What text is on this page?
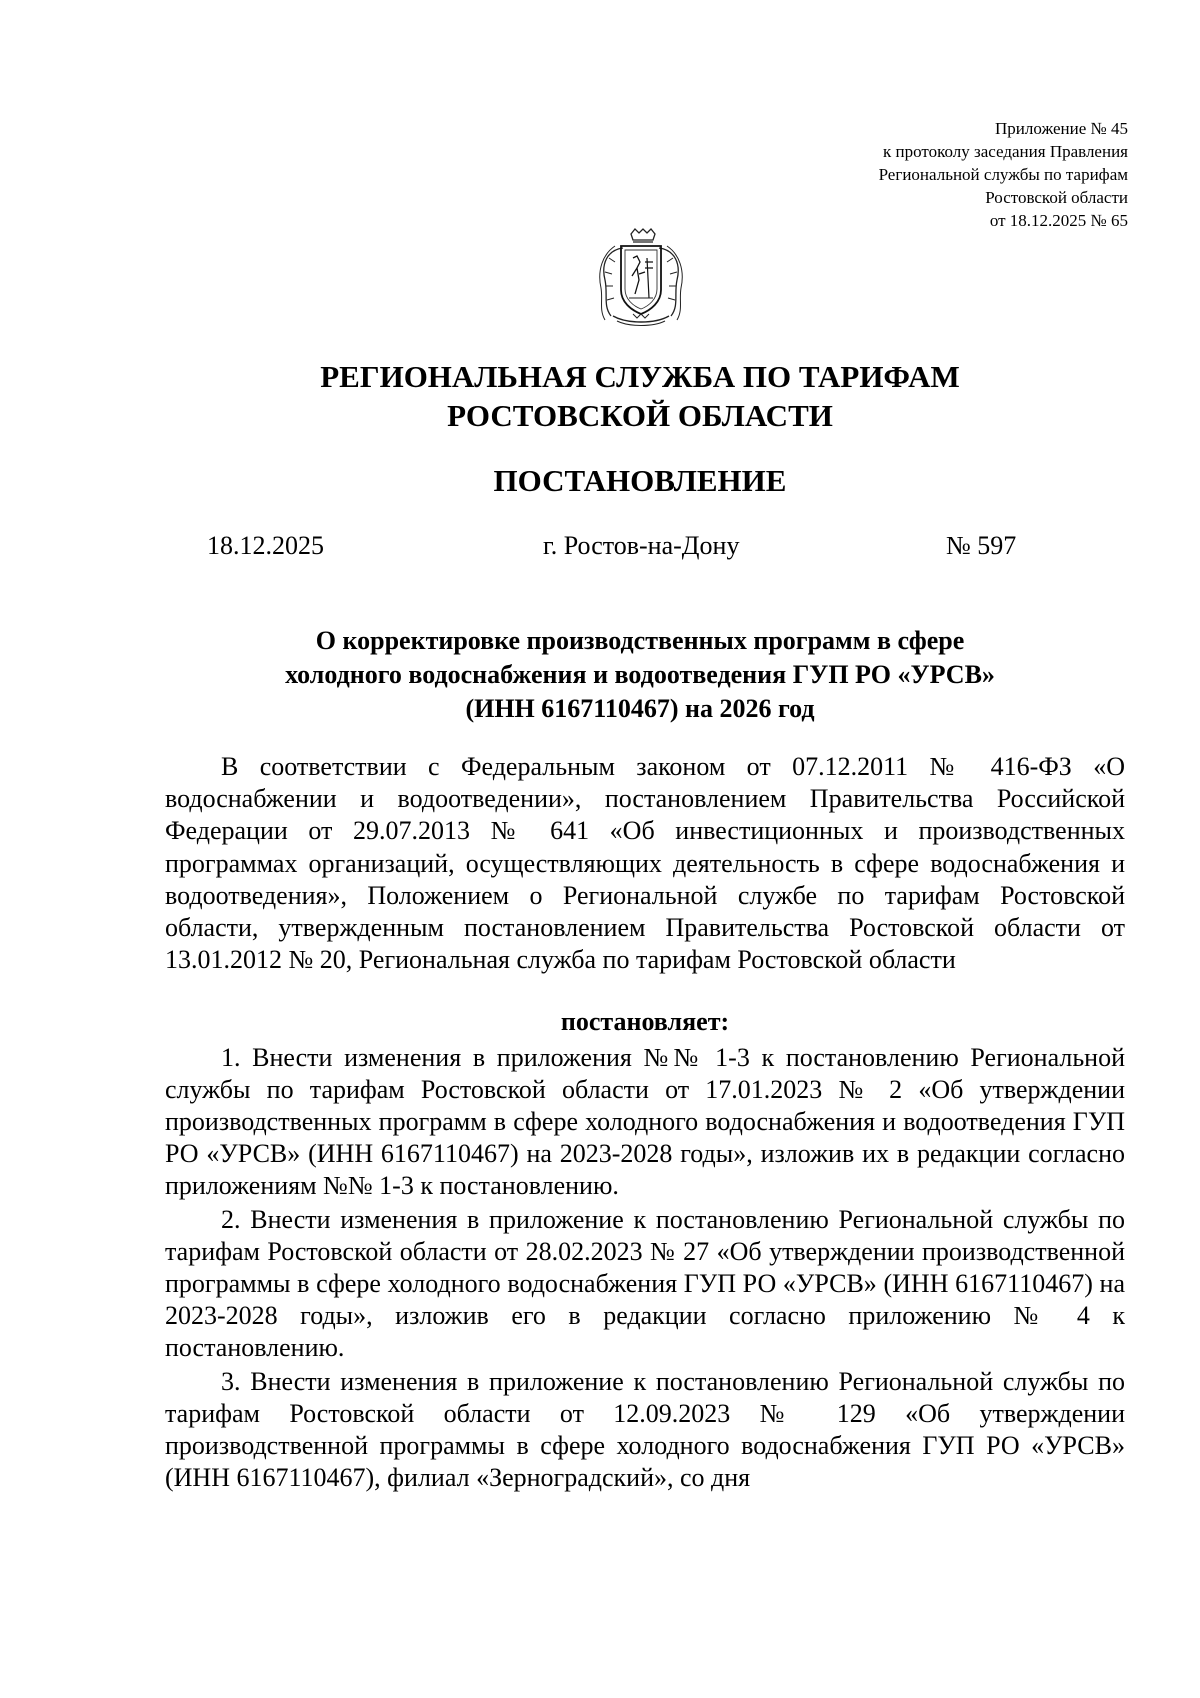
Приложение № 45
к протоколу заседания Правления
Региональной службы по тарифам
Ростовской области
от 18.12.2025 № 65
РЕГИОНАЛЬНАЯ СЛУЖБА ПО ТАРИФАМ
РОСТОВСКОЙ ОБЛАСТИ
ПОСТАНОВЛЕНИЕ
18.12.2025	г. Ростов-на-Дону	№ 597
О корректировке производственных программ в сфере
холодного водоснабжения и водоотведения ГУП РО «УРСВ»
(ИНН 6167110467) на 2026 год

В соответствии с Федеральным законом от 07.12.2011 № 416-ФЗ «О водоснабжении и водоотведении», постановлением Правительства Российской Федерации от 29.07.2013 № 641 «Об инвестиционных и производственных программах организаций, осуществляющих деятельность в сфере водоснабжения и водоотведения», Положением о Региональной службе по тарифам Ростовской области, утвержденным постановлением Правительства Ростовской области от 13.01.2012 № 20, Региональная служба по тарифам Ростовской области

постановляет:

1. Внести изменения в приложения №№ 1-3 к постановлению Региональной службы по тарифам Ростовской области от 17.01.2023 № 2 «Об утверждении производственных программ в сфере холодного водоснабжения и водоотведения ГУП РО «УРСВ» (ИНН 6167110467) на 2023-2028 годы», изложив их в редакции согласно приложениям №№ 1-3 к постановлению.

2. Внести изменения в приложение к постановлению Региональной службы по тарифам Ростовской области от 28.02.2023 № 27 «Об утверждении производственной программы в сфере холодного водоснабжения ГУП РО «УРСВ» (ИНН 6167110467) на 2023-2028 годы», изложив его в редакции согласно приложению № 4 к постановлению.

3. Внести изменения в приложение к постановлению Региональной службы по тарифам Ростовской области от 12.09.2023 № 129 «Об утверждении производственной программы в сфере холодного водоснабжения ГУП РО «УРСВ» (ИНН 6167110467), филиал «Зерноградский», со дня
